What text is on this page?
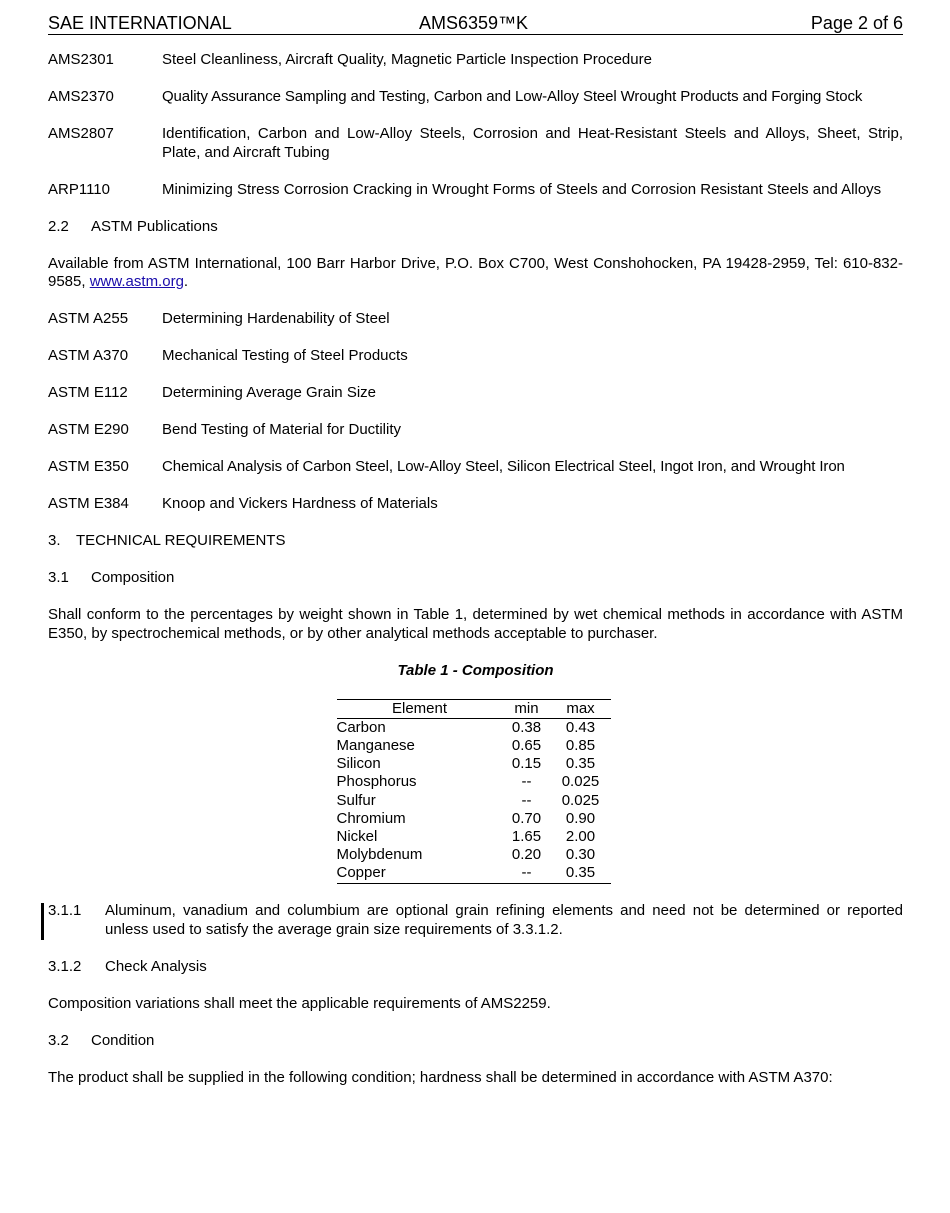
SAE INTERNATIONAL	AMS6359™K	Page 2 of 6
AMS2301	Steel Cleanliness, Aircraft Quality, Magnetic Particle Inspection Procedure
AMS2370	Quality Assurance Sampling and Testing, Carbon and Low-Alloy Steel Wrought Products and Forging Stock
AMS2807	Identification, Carbon and Low-Alloy Steels, Corrosion and Heat-Resistant Steels and Alloys, Sheet, Strip, Plate, and Aircraft Tubing
ARP1110	Minimizing Stress Corrosion Cracking in Wrought Forms of Steels and Corrosion Resistant Steels and Alloys
2.2 ASTM Publications
Available from ASTM International, 100 Barr Harbor Drive, P.O. Box C700, West Conshohocken, PA 19428-2959, Tel: 610-832-9585, www.astm.org.
ASTM A255	Determining Hardenability of Steel
ASTM A370	Mechanical Testing of Steel Products
ASTM E112	Determining Average Grain Size
ASTM E290	Bend Testing of Material for Ductility
ASTM E350	Chemical Analysis of Carbon Steel, Low-Alloy Steel, Silicon Electrical Steel, Ingot Iron, and Wrought Iron
ASTM E384	Knoop and Vickers Hardness of Materials
3. TECHNICAL REQUIREMENTS
3.1 Composition
Shall conform to the percentages by weight shown in Table 1, determined by wet chemical methods in accordance with ASTM E350, by spectrochemical methods, or by other analytical methods acceptable to purchaser.
Table 1 - Composition
Element	min	max
Carbon	0.38	0.43
Manganese	0.65	0.85
Silicon	0.15	0.35
Phosphorus	--	0.025
Sulfur	--	0.025
Chromium	0.70	0.90
Nickel	1.65	2.00
Molybdenum	0.20	0.30
Copper	--	0.35
3.1.1	Aluminum, vanadium and columbium are optional grain refining elements and need not be determined or reported unless used to satisfy the average grain size requirements of 3.3.1.2.
3.1.2 Check Analysis
Composition variations shall meet the applicable requirements of AMS2259.
3.2 Condition
The product shall be supplied in the following condition; hardness shall be determined in accordance with ASTM A370:
